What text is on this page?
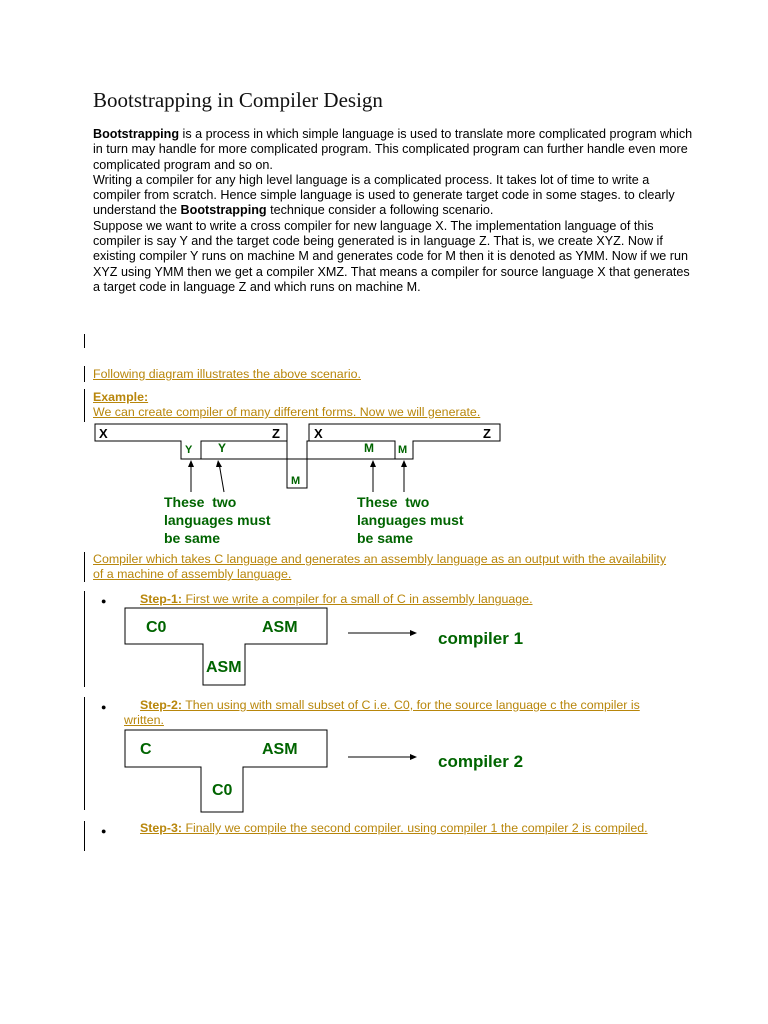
Bootstrapping in Compiler Design

Bootstrapping is a process in which simple language is used to translate more complicated program which in turn may handle for more complicated program. This complicated program can further handle even more complicated program and so on.
Writing a compiler for any high level language is a complicated process. It takes lot of time to write a compiler from scratch. Hence simple language is used to generate target code in some stages. to clearly understand the Bootstrapping technique consider a following scenario.
Suppose we want to write a cross compiler for new language X. The implementation language of this compiler is say Y and the target code being generated is in language Z. That is, we create XYZ. Now if existing compiler Y runs on machine M and generates code for M then it is denoted as YMM. Now if we run XYZ using YMM then we get a compiler XMZ. That means a compiler for source language X that generates a target code in language Z and which runs on machine M.

Following diagram illustrates the above scenario.

Example:

We can create compiler of many different forms. Now we will generate.

X	Z
Y Y
M
M
X	Z
M
These  two
languages must
be same
These  two
languages must
be same
C0	ASM
ASM
compiler 1
C	ASM
C0
compiler 2

Compiler which takes C language and generates an assembly language as an output with the availability of a machine of assembly language.

●	Step-1: First we write a compiler for a small of C in assembly language.

●	Step-2: Then using with small subset of C i.e. C0, for the source language c the compiler is written.

●	Step-3: Finally we compile the second compiler. using compiler 1 the compiler 2 is compiled.
